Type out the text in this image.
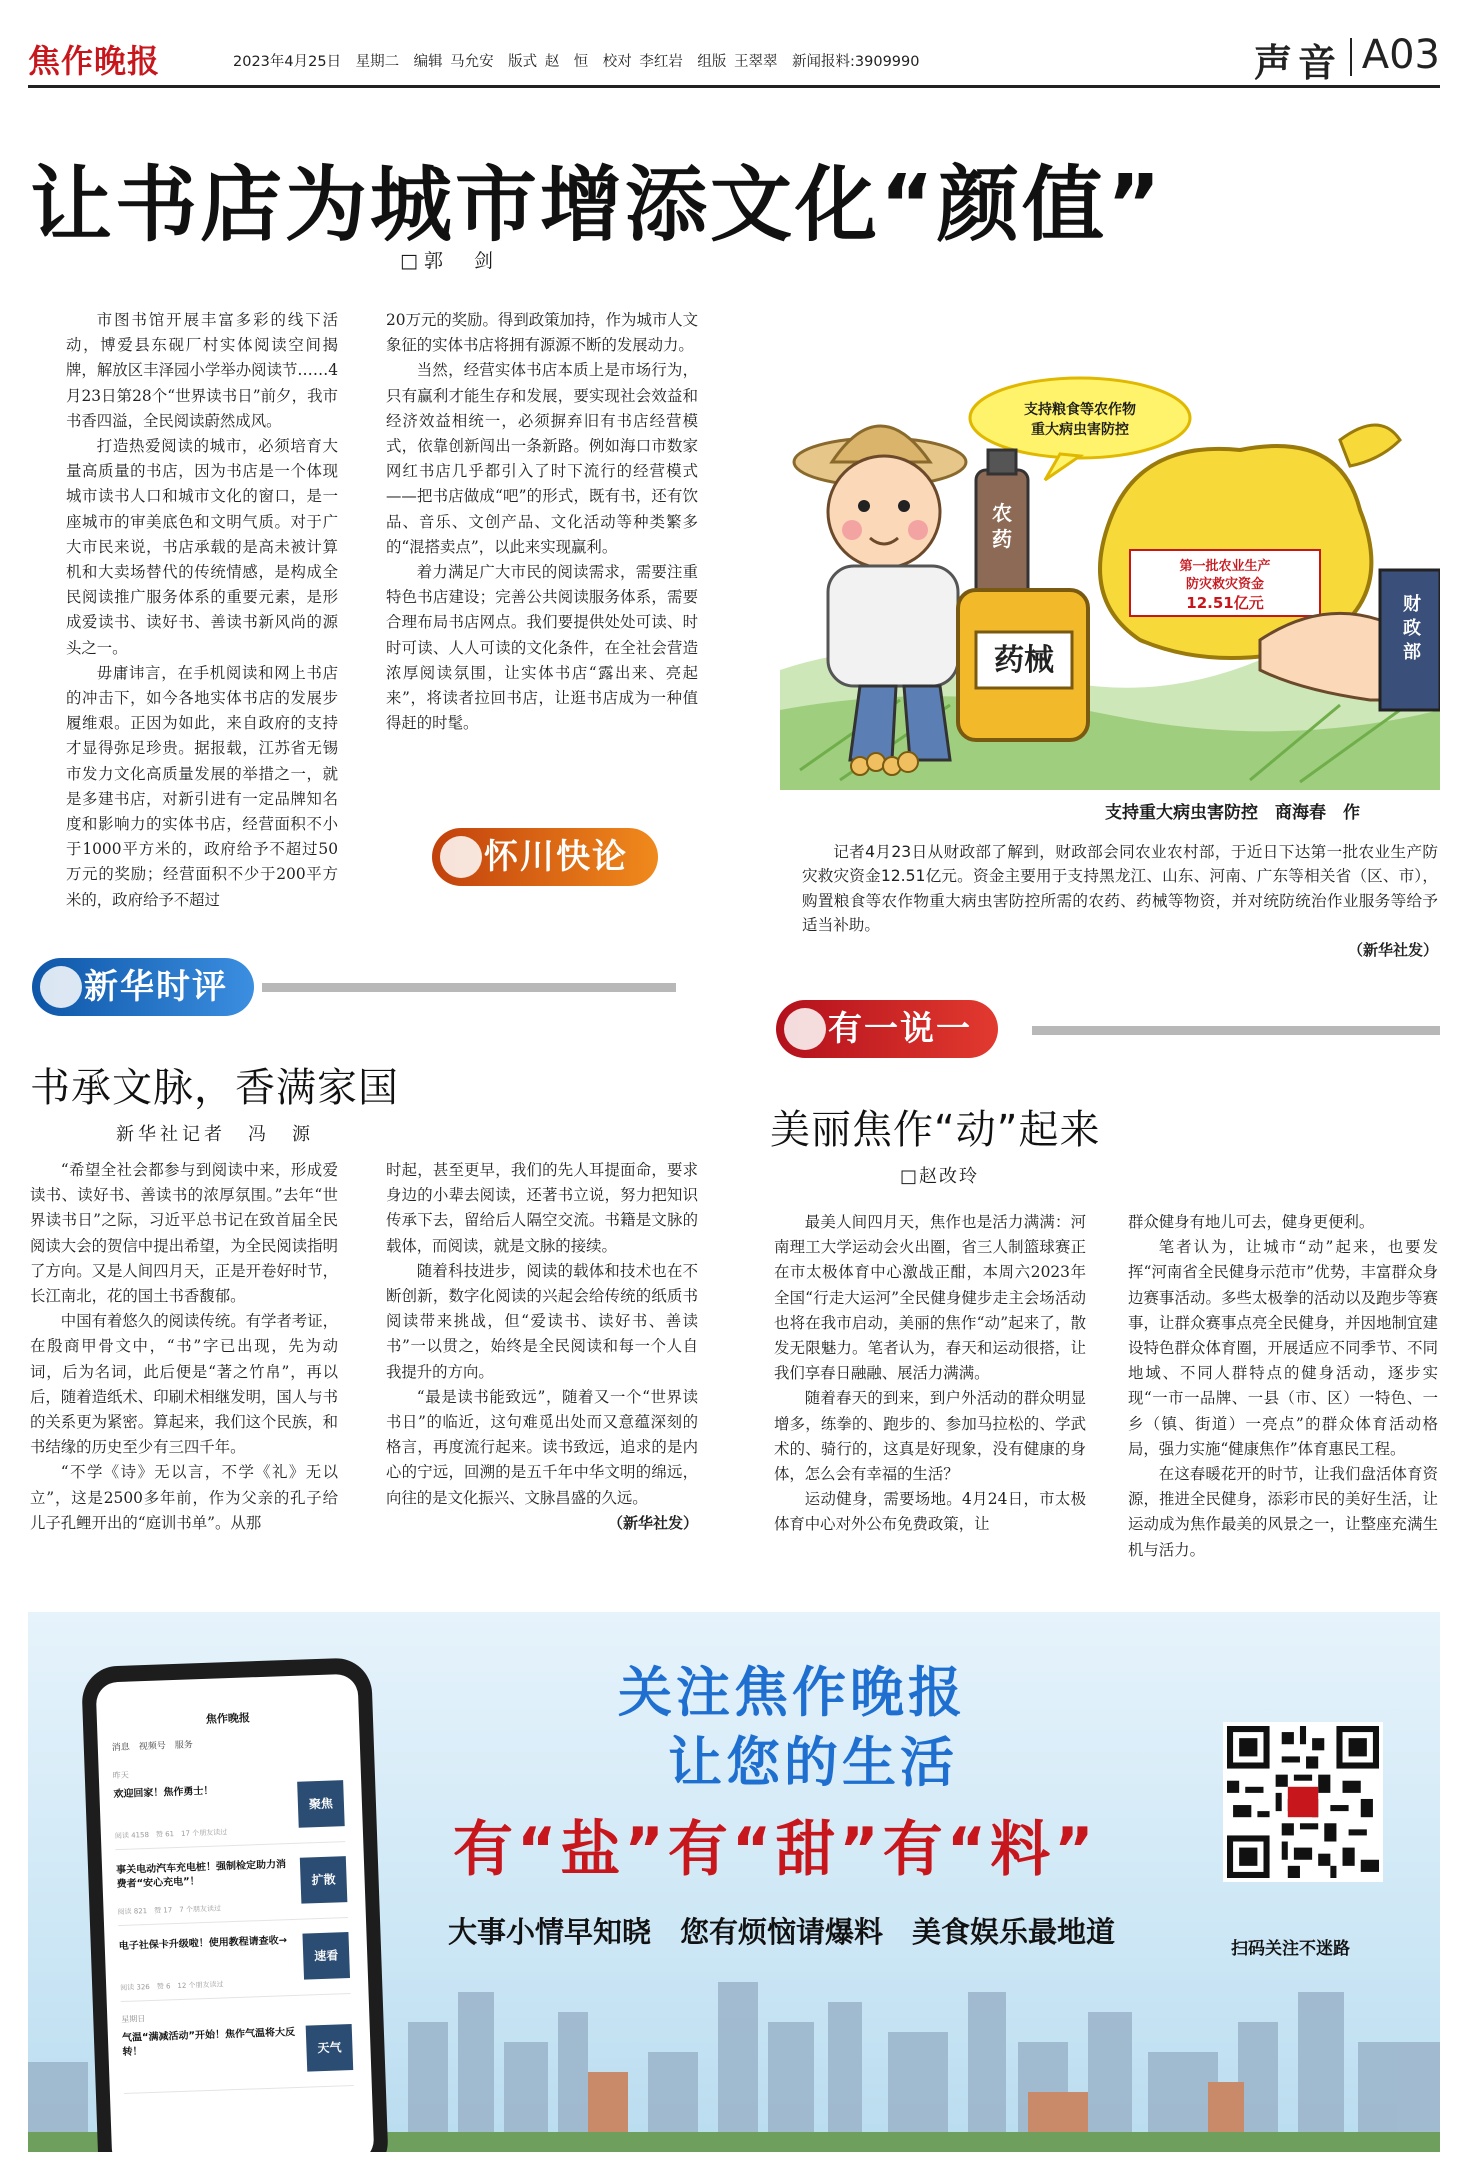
焦作晚报	2023年4月25日　星期二　编辑 马允安　版式 赵　恒　校对 李红岩　组版 王翠翠　新闻报料:3909990	声音 A03
让书店为城市增添文化“颜值”
□郭　剑

市图书馆开展丰富多彩的线下活动，博爱县东砚厂村实体阅读空间揭牌，解放区丰泽园小学举办阅读节……4月23日第28个“世界读书日”前夕，我市书香四溢，全民阅读蔚然成风。

打造热爱阅读的城市，必须培育大量高质量的书店，因为书店是一个体现城市读书人口和城市文化的窗口，是一座城市的审美底色和文明气质。对于广大市民来说，书店承载的是高未被计算机和大卖场替代的传统情感，是构成全民阅读推广服务体系的重要元素，是形成爱读书、读好书、善读书新风尚的源头之一。

毋庸讳言，在手机阅读和网上书店的冲击下，如今各地实体书店的发展步履维艰。正因为如此，来自政府的支持才显得弥足珍贵。据报载，江苏省无锡市发力文化高质量发展的举措之一，就是多建书店，对新引进有一定品牌知名度和影响力的实体书店，经营面积不小于1000平方米的，政府给予不超过50万元的奖励；经营面积不少于200平方米的，政府给予不超过

20万元的奖励。得到政策加持，作为城市人文象征的实体书店将拥有源源不断的发展动力。

当然，经营实体书店本质上是市场行为，只有赢利才能生存和发展，要实现社会效益和经济效益相统一，必须摒弃旧有书店经营模式，依靠创新闯出一条新路。例如海口市数家网红书店几乎都引入了时下流行的经营模式——把书店做成“吧”的形式，既有书，还有饮品、音乐、文创产品、文化活动等种类繁多的“混搭卖点”，以此来实现赢利。

着力满足广大市民的阅读需求，需要注重特色书店建设；完善公共阅读服务体系，需要合理布局书店网点。我们要提供处处可读、时时可读、人人可读的文化条件，在全社会营造浓厚阅读氛围，让实体书店“露出来、亮起来”，将读者拉回书店，让逛书店成为一种值得赶的时髦。

怀川快论
支持粮食等农作物
重大病虫害防控
农
药
药械
第一批农业生产
防灾救灾资金
12.51亿元	财
政
部
支持重大病虫害防控　商海春　作

记者4月23日从财政部了解到，财政部会同农业农村部，于近日下达第一批农业生产防灾救灾资金12.51亿元。资金主要用于支持黑龙江、山东、河南、广东等相关省（区、市），购置粮食等农作物重大病虫害防控所需的农药、药械等物资，并对统防统治作业服务等给予适当补助。

（新华社发）
新华时评
书承文脉，香满家国
新华社记者　冯　源

“希望全社会都参与到阅读中来，形成爱读书、读好书、善读书的浓厚氛围。”去年“世界读书日”之际，习近平总书记在致首届全民阅读大会的贺信中提出希望，为全民阅读指明了方向。又是人间四月天，正是开卷好时节，长江南北，花的国土书香馥郁。

中国有着悠久的阅读传统。有学者考证，在殷商甲骨文中，“书”字已出现，先为动词，后为名词，此后便是“著之竹帛”，再以后，随着造纸术、印刷术相继发明，国人与书的关系更为紧密。算起来，我们这个民族，和书结缘的历史至少有三四千年。

“不学《诗》无以言，不学《礼》无以立”，这是2500多年前，作为父亲的孔子给儿子孔鲤开出的“庭训书单”。从那

时起，甚至更早，我们的先人耳提面命，要求身边的小辈去阅读，还著书立说，努力把知识传承下去，留给后人隔空交流。书籍是文脉的载体，而阅读，就是文脉的接续。

随着科技进步，阅读的载体和技术也在不断创新，数字化阅读的兴起会给传统的纸质书阅读带来挑战，但“爱读书、读好书、善读书”一以贯之，始终是全民阅读和每一个人自我提升的方向。

“最是读书能致远”，随着又一个“世界读书日”的临近，这句难觅出处而又意蕴深刻的格言，再度流行起来。读书致远，追求的是内心的宁远，回溯的是五千年中华文明的绵远，向往的是文化振兴、文脉昌盛的久远。

（新华社发）
有一说一
美丽焦作“动”起来
□赵改玲

最美人间四月天，焦作也是活力满满：河南理工大学运动会火出圈，省三人制篮球赛正在市太极体育中心激战正酣，本周六2023年全国“行走大运河”全民健身健步走主会场活动也将在我市启动，美丽的焦作“动”起来了，散发无限魅力。笔者认为，春天和运动很搭，让我们享春日融融、展活力满满。

随着春天的到来，到户外活动的群众明显增多，练拳的、跑步的、参加马拉松的、学武术的、骑行的，这真是好现象，没有健康的身体，怎么会有幸福的生活？

运动健身，需要场地。4月24日，市太极体育中心对外公布免费政策，让

群众健身有地儿可去，健身更便利。

笔者认为，让城市“动”起来，也要发挥“河南省全民健身示范市”优势，丰富群众身边赛事活动。多些太极拳的活动以及跑步等赛事，让群众赛事点亮全民健身，并因地制宜建设特色群众体育圈，开展适应不同季节、不同地域、不同人群特点的健身活动，逐步实现“一市一品牌、一县（市、区）一特色、一乡（镇、街道）一亮点”的群众体育活动格局，强力实施“健康焦作”体育惠民工程。

在这春暖花开的时节，让我们盘活体育资源，推进全民健身，添彩市民的美好生活，让运动成为焦作最美的风景之一，让整座充满生机与活力。

焦作晚报
消息　视频号　服务
昨天
欢迎回家！焦作勇士！
阅读 4158　赞 61　17 个朋友读过
聚焦
事关电动汽车充电桩！强制检定助力消费者“安心充电”！
阅读 821　赞 17　7 个朋友读过
扩散
电子社保卡升级啦！使用教程请查收→
阅读 326　赞 6　12 个朋友读过
速看
星期日
气温“满减活动”开始！焦作气温将大反转！	天气
关注焦作晚报
让您的生活
有“盐”有“甜”有“料”
大事小情早知晓　您有烦恼请爆料　美食娱乐最地道	扫码关注不迷路
